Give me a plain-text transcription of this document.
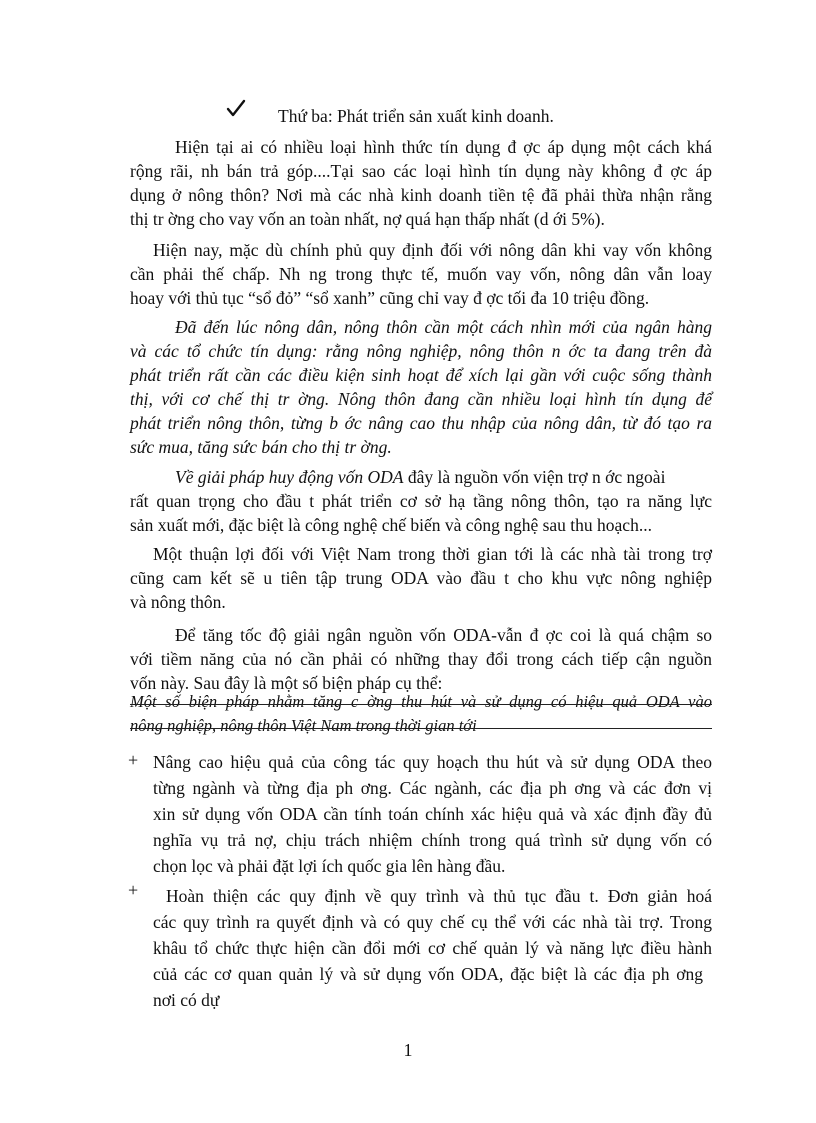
Thứ ba: Phát triển sản xuất kinh doanh.
Hiện tại ai có nhiều loại hình thức tín dụng đ ợc áp dụng một cách khá
rộng rãi, nh bán trả góp....Tại sao các loại hình tín dụng này không đ ợc áp
dụng ở nông thôn? Nơi mà các nhà kinh doanh tiền tệ đã phải thừa nhận rằng
thị tr ờng cho vay vốn an toàn nhất, nợ quá hạn thấp nhất (d ới 5%).
Hiện nay, mặc dù chính phủ quy định đối với nông dân khi vay vốn không
cần phải thế chấp. Nh ng trong thực tế, muốn vay vốn, nông dân vẫn loay
hoay với thủ tục “sổ đỏ” “sổ xanh” cũng chỉ vay đ ợc tối đa 10 triệu đồng.
Đã đến lúc nông dân, nông thôn cần một cách nhìn mới của ngân hàng
và các tổ chức tín dụng: rằng nông nghiệp, nông thôn n ớc ta đang trên đà
phát triển rất cần các điều kiện sinh hoạt để xích lại gần với cuộc sống thành
thị, với cơ chế thị tr ờng. Nông thôn đang cần nhiều loại hình tín dụng để
phát triển nông thôn, từng b ớc nâng cao thu nhập của nông dân, từ đó tạo ra
sức mua, tăng sức bán cho thị tr ờng.
Về giải pháp huy động vốn ODA đây là nguồn vốn viện trợ n ớc ngoài
rất quan trọng cho đầu t phát triển cơ sở hạ tầng nông thôn, tạo ra năng lực
sản xuất mới, đặc biệt là công nghệ chế biến và công nghệ sau thu hoạch...
Một thuận lợi đối với Việt Nam trong thời gian tới là các nhà tài trong trợ
cũng cam kết sẽ u tiên tập trung ODA vào đầu t cho khu vực nông nghiệp
và nông thôn.
Để tăng tốc độ giải ngân nguồn vốn ODA-vẫn đ ợc coi là quá chậm so
với tiềm năng của nó cần phải có những thay đổi trong cách tiếp cận nguồn
vốn này. Sau đây là một số biện pháp cụ thể:
Một số biện pháp nhằm tăng c ờng thu hút và sử dụng có hiệu quả ODA vào
nông nghiệp, nông thôn Việt Nam trong thời gian tới
+ Nâng cao hiệu quả của công tác quy hoạch thu hút và sử dụng ODA theo
từng ngành và từng địa ph ơng. Các ngành, các địa ph ơng và các đơn vị
xin sử dụng vốn ODA cần tính toán chính xác hiệu quả và xác định đầy đủ
nghĩa vụ trả nợ, chịu trách nhiệm chính trong quá trình sử dụng vốn có
chọn lọc và phải đặt lợi ích quốc gia lên hàng đầu.
+ Hoàn thiện các quy định về quy trình và thủ tục đầu t. Đơn giản hoá
các quy trình ra quyết định và có quy chế cụ thể với các nhà tài trợ. Trong
khâu tổ chức thực hiện cần đổi mới cơ chế quản lý và năng lực điều hành
củả các cơ quan quản lý và sử dụng vốn ODA, đặc biệt là các địa ph ơng
nơi có dự
1
